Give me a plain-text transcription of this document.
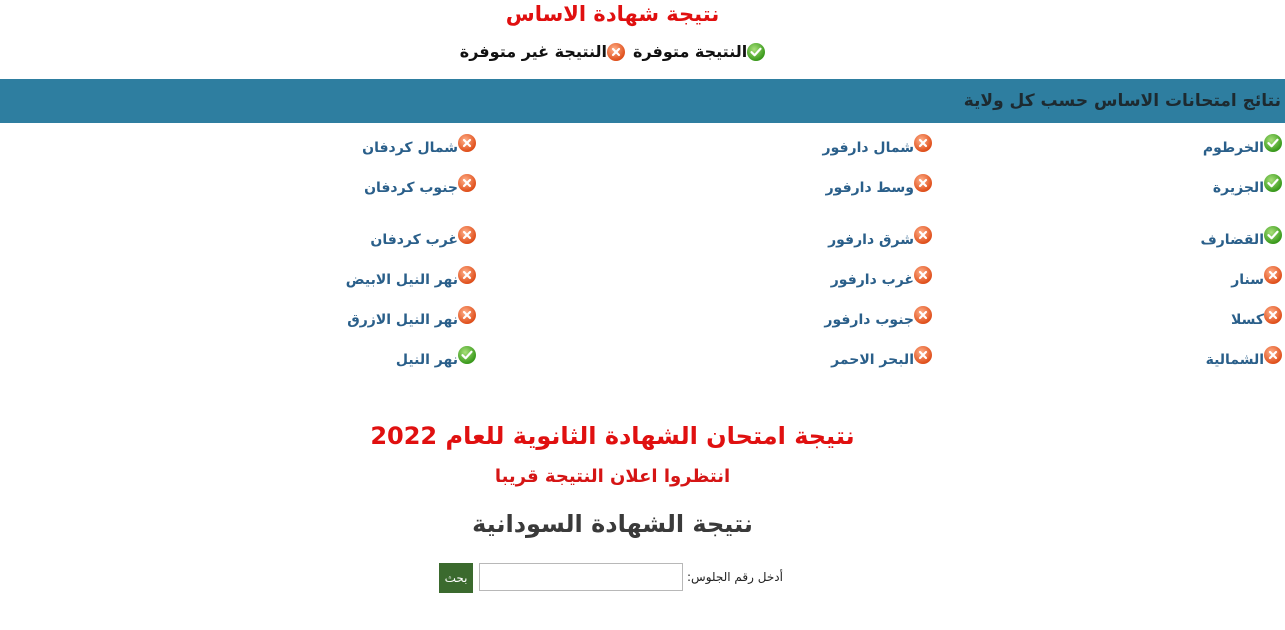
نتيجة شهادة الاساس
النتيجة متوفرة
النتيجة غير متوفرة
نتائج امتحانات الاساس حسب كل ولاية
الخرطوم
الجزيرة
القضارف
سنار
كسلا
الشمالية
شمال دارفور
وسط دارفور
شرق دارفور
غرب دارفور
جنوب دارفور
البحر الاحمر
شمال كردفان
جنوب كردفان
غرب كردفان
نهر النيل الابيض
نهر النيل الازرق
نهر النيل
نتيجة امتحان الشهادة الثانوية للعام 2022

انتظروا اعلان النتيجة قريبا

نتيجة الشهادة السودانية
بحث	أدخل رقم الجلوس:
